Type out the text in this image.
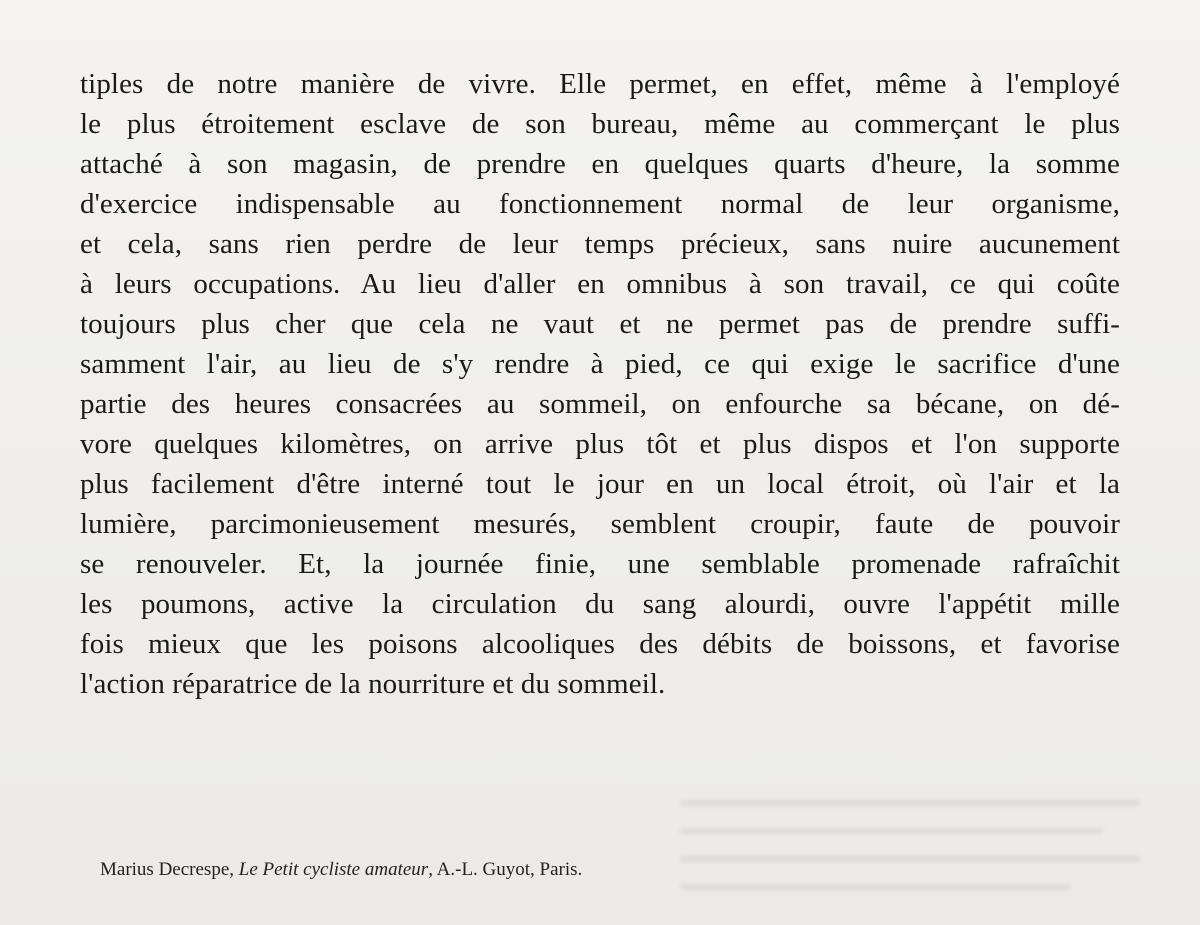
tiples de notre manière de vivre. Elle permet, en effet, même à l'employé
le plus étroitement esclave de son bureau, même au commerçant le plus
attaché à son magasin, de prendre en quelques quarts d'heure, la somme
d'exercice indispensable au fonctionnement normal de leur organisme,
et cela, sans rien perdre de leur temps précieux, sans nuire aucunement
à leurs occupations. Au lieu d'aller en omnibus à son travail, ce qui coûte
toujours plus cher que cela ne vaut et ne permet pas de prendre suffi-
samment l'air, au lieu de s'y rendre à pied, ce qui exige le sacrifice d'une
partie des heures consacrées au sommeil, on enfourche sa bécane, on dé-
vore quelques kilomètres, on arrive plus tôt et plus dispos et l'on supporte
plus facilement d'être interné tout le jour en un local étroit, où l'air et la
lumière, parcimonieusement mesurés, semblent croupir, faute de pouvoir
se renouveler. Et, la journée finie, une semblable promenade rafraîchit
les poumons, active la circulation du sang alourdi, ouvre l'appétit mille
fois mieux que les poisons alcooliques des débits de boissons, et favorise
l'action réparatrice de la nourriture et du sommeil.
Marius Decrespe, Le Petit cycliste amateur, A.-L. Guyot, Paris.
